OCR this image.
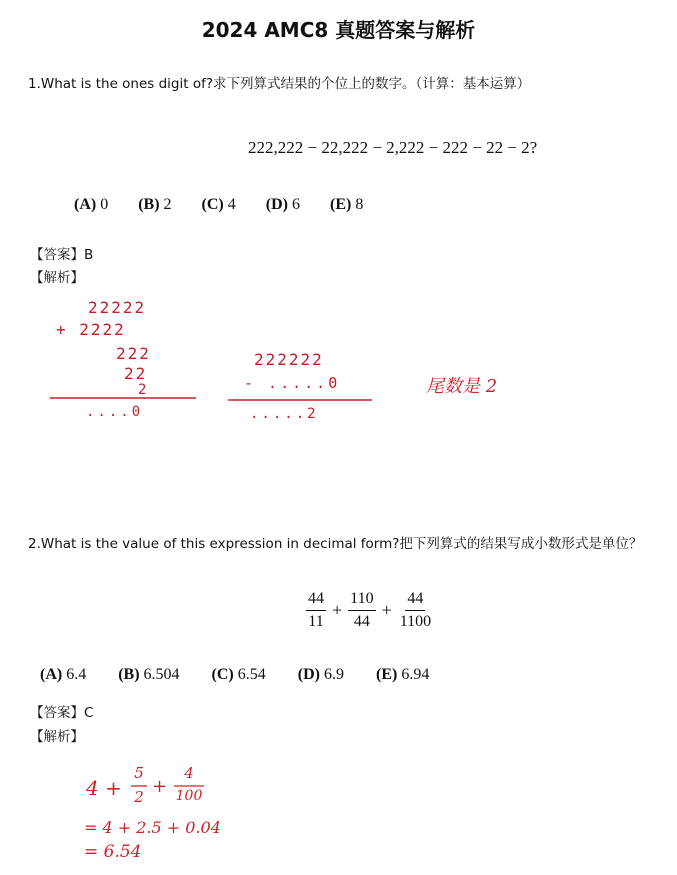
2024 AMC8 真题答案与解析
1.What is the ones digit of?求下列算式结果的个位上的数字。（计算：基本运算）
222,222 − 22,222 − 2,222 − 222 − 22 − 2?
(A) 0 (B) 2 (C) 4 (D) 6 (E) 8
【答案】B
【解析】
22222
+ 2222
222
22
2
....0
222222
- .....0
.....2
尾数是 2
2.What is the value of this expression in decimal form?把下列算式的结果写成小数形式是单位？
$\frac{44}{11} + \frac{110}{44} + \frac{44}{1100}$
(A) 6.4 (B) 6.504 (C) 6.54 (D) 6.9 (E) 6.94
【答案】C
【解析】
4 +
5
2 +
4
100
= 4 + 2.5 + 0.04
= 6.54
